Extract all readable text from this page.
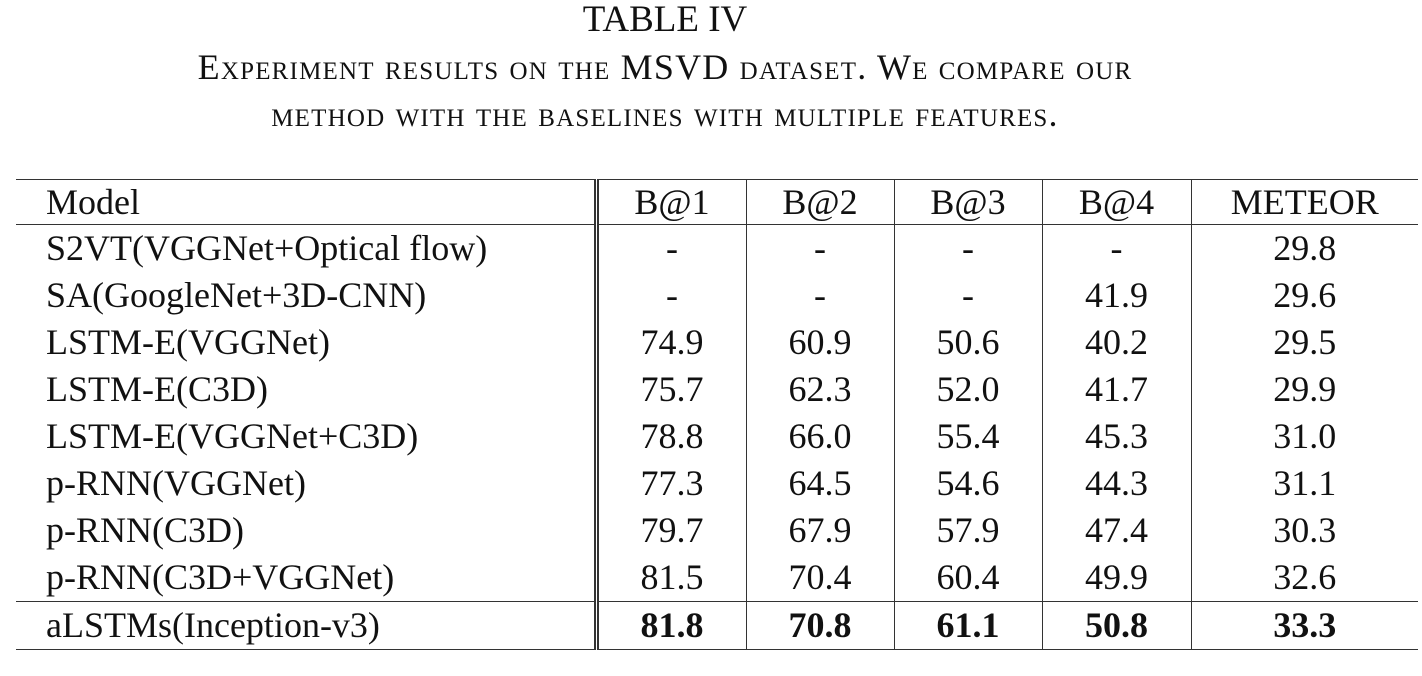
TABLE IV
Experiment results on the MSVD dataset. We compare our
method with the baselines with multiple features.
Model	B@1	B@2	B@3	B@4	METEOR
S2VT(VGGNet+Optical flow)	-	-	-	-	29.8
SA(GoogleNet+3D-CNN)	-	-	-	41.9	29.6
LSTM-E(VGGNet)	74.9	60.9	50.6	40.2	29.5
LSTM-E(C3D)	75.7	62.3	52.0	41.7	29.9
LSTM-E(VGGNet+C3D)	78.8	66.0	55.4	45.3	31.0
p-RNN(VGGNet)	77.3	64.5	54.6	44.3	31.1
p-RNN(C3D)	79.7	67.9	57.9	47.4	30.3
p-RNN(C3D+VGGNet)	81.5	70.4	60.4	49.9	32.6
aLSTMs(Inception-v3)	81.8	70.8	61.1	50.8	33.3
